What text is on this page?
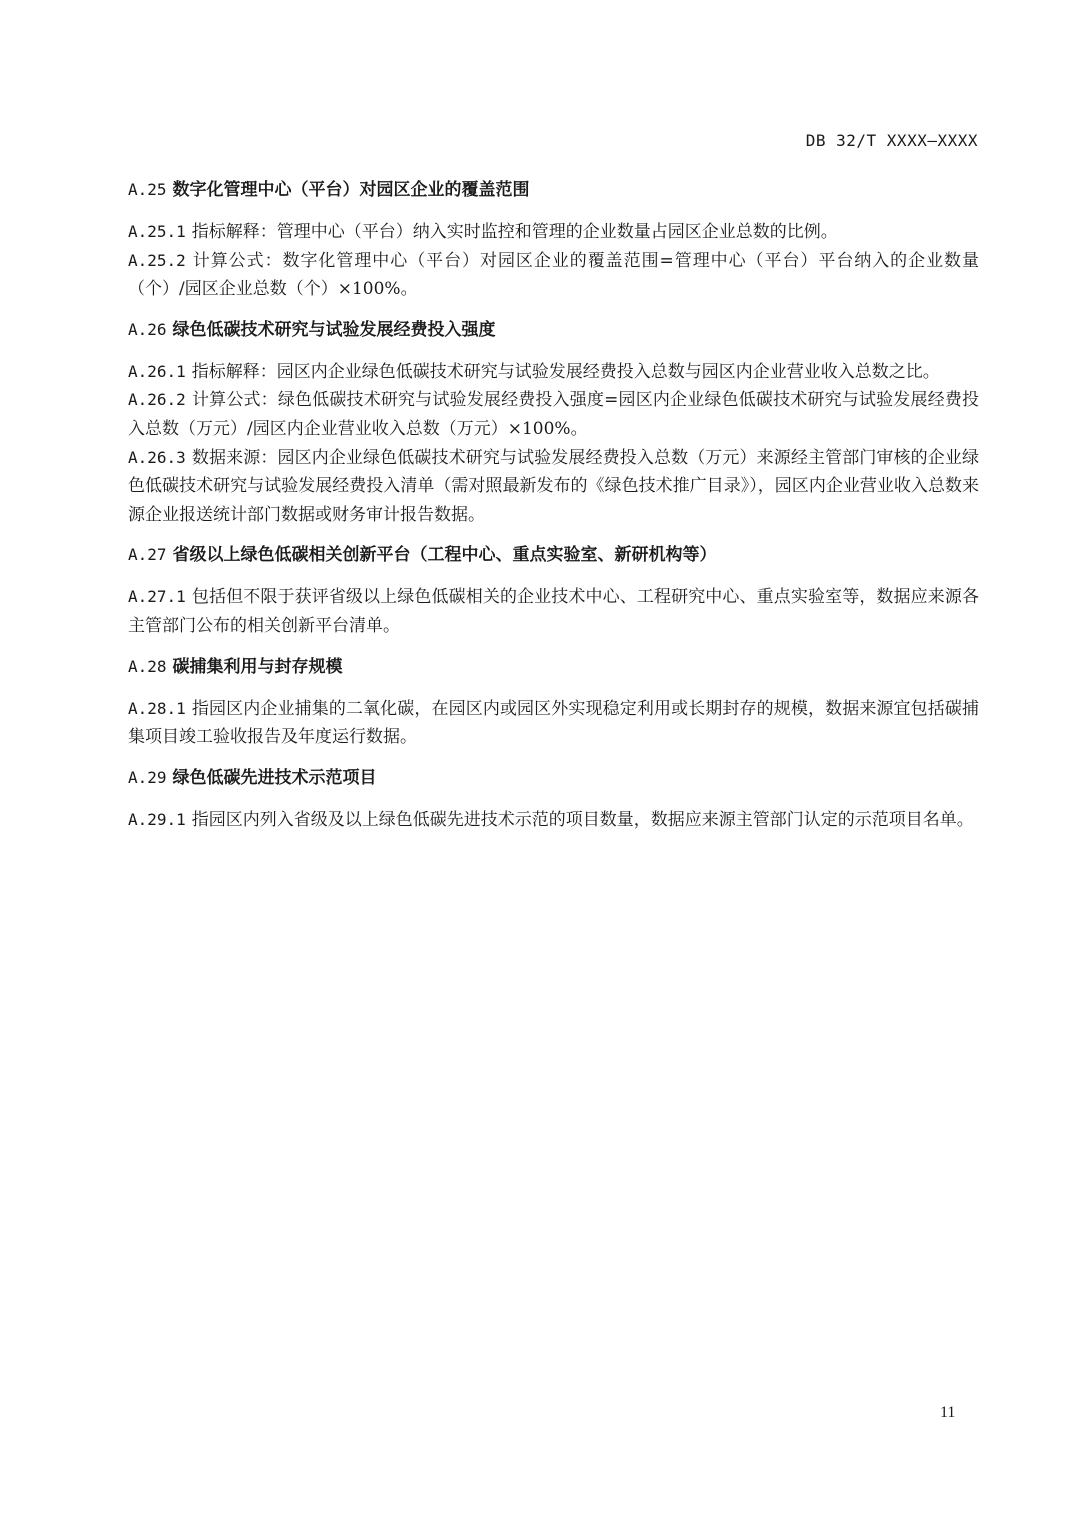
DB 32/T XXXX—XXXX
A.25 数字化管理中心（平台）对园区企业的覆盖范围

A.25.1 指标解释：管理中心（平台）纳入实时监控和管理的企业数量占园区企业总数的比例。

A.25.2 计算公式：数字化管理中心（平台）对园区企业的覆盖范围=管理中心（平台）平台纳入的企业数量（个）/园区企业总数（个）×100%。

A.26 绿色低碳技术研究与试验发展经费投入强度

A.26.1 指标解释：园区内企业绿色低碳技术研究与试验发展经费投入总数与园区内企业营业收入总数之比。

A.26.2 计算公式：绿色低碳技术研究与试验发展经费投入强度=园区内企业绿色低碳技术研究与试验发展经费投入总数（万元）/园区内企业营业收入总数（万元）×100%。

A.26.3 数据来源：园区内企业绿色低碳技术研究与试验发展经费投入总数（万元）来源经主管部门审核的企业绿色低碳技术研究与试验发展经费投入清单（需对照最新发布的《绿色技术推广目录》），园区内企业营业收入总数来源企业报送统计部门数据或财务审计报告数据。

A.27 省级以上绿色低碳相关创新平台（工程中心、重点实验室、新研机构等）

A.27.1 包括但不限于获评省级以上绿色低碳相关的企业技术中心、工程研究中心、重点实验室等，数据应来源各主管部门公布的相关创新平台清单。

A.28 碳捕集利用与封存规模

A.28.1 指园区内企业捕集的二氧化碳，在园区内或园区外实现稳定利用或长期封存的规模，数据来源宜包括碳捕集项目竣工验收报告及年度运行数据。

A.29 绿色低碳先进技术示范项目

A.29.1 指园区内列入省级及以上绿色低碳先进技术示范的项目数量，数据应来源主管部门认定的示范项目名单。

11
